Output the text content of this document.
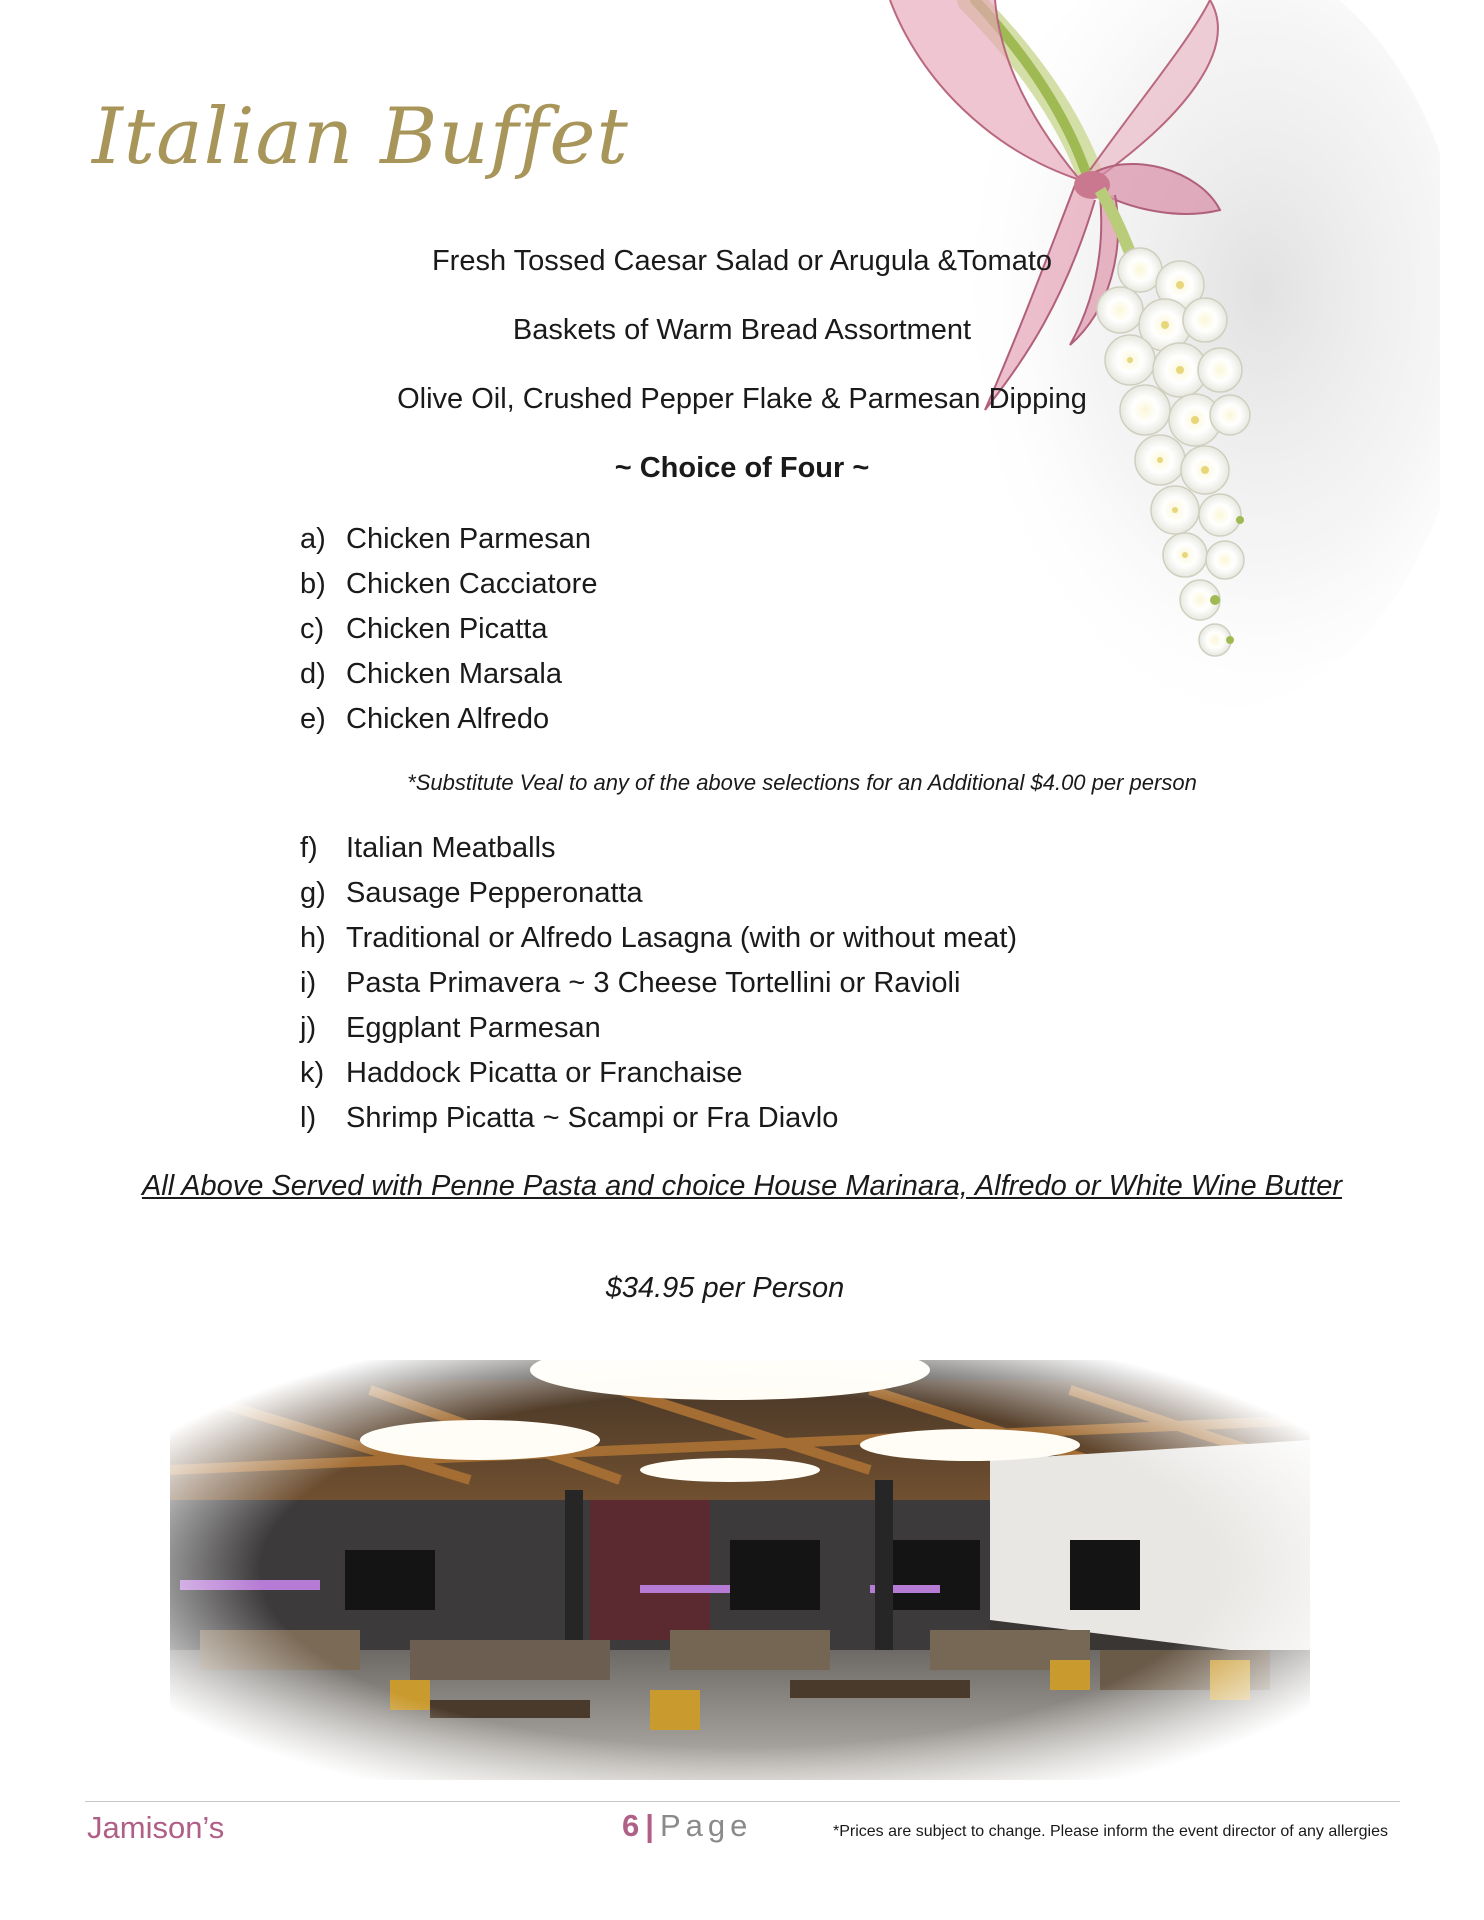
Italian Buffet
Fresh Tossed Caesar Salad or Arugula &Tomato
Baskets of Warm Bread Assortment
Olive Oil, Crushed Pepper Flake & Parmesan Dipping
~ Choice of Four ~
a) Chicken Parmesan
b) Chicken Cacciatore
c) Chicken Picatta
d) Chicken Marsala
e) Chicken Alfredo
*Substitute Veal to any of the above selections for an Additional $4.00 per person
f) Italian Meatballs
g) Sausage Pepperonatta
h) Traditional or Alfredo Lasagna (with or without meat)
i)	Pasta Primavera ~ 3 Cheese Tortellini or Ravioli
j)	Eggplant Parmesan
k) Haddock Picatta or Franchaise
l)	Shrimp Picatta ~ Scampi or Fra Diavlo
All Above Served with Penne Pasta and choice House Marinara, Alfredo or White Wine Butter
$34.95 per Person
Jamison’s	6 | Page	*Prices are subject to change. Please inform the event director of any allergies
